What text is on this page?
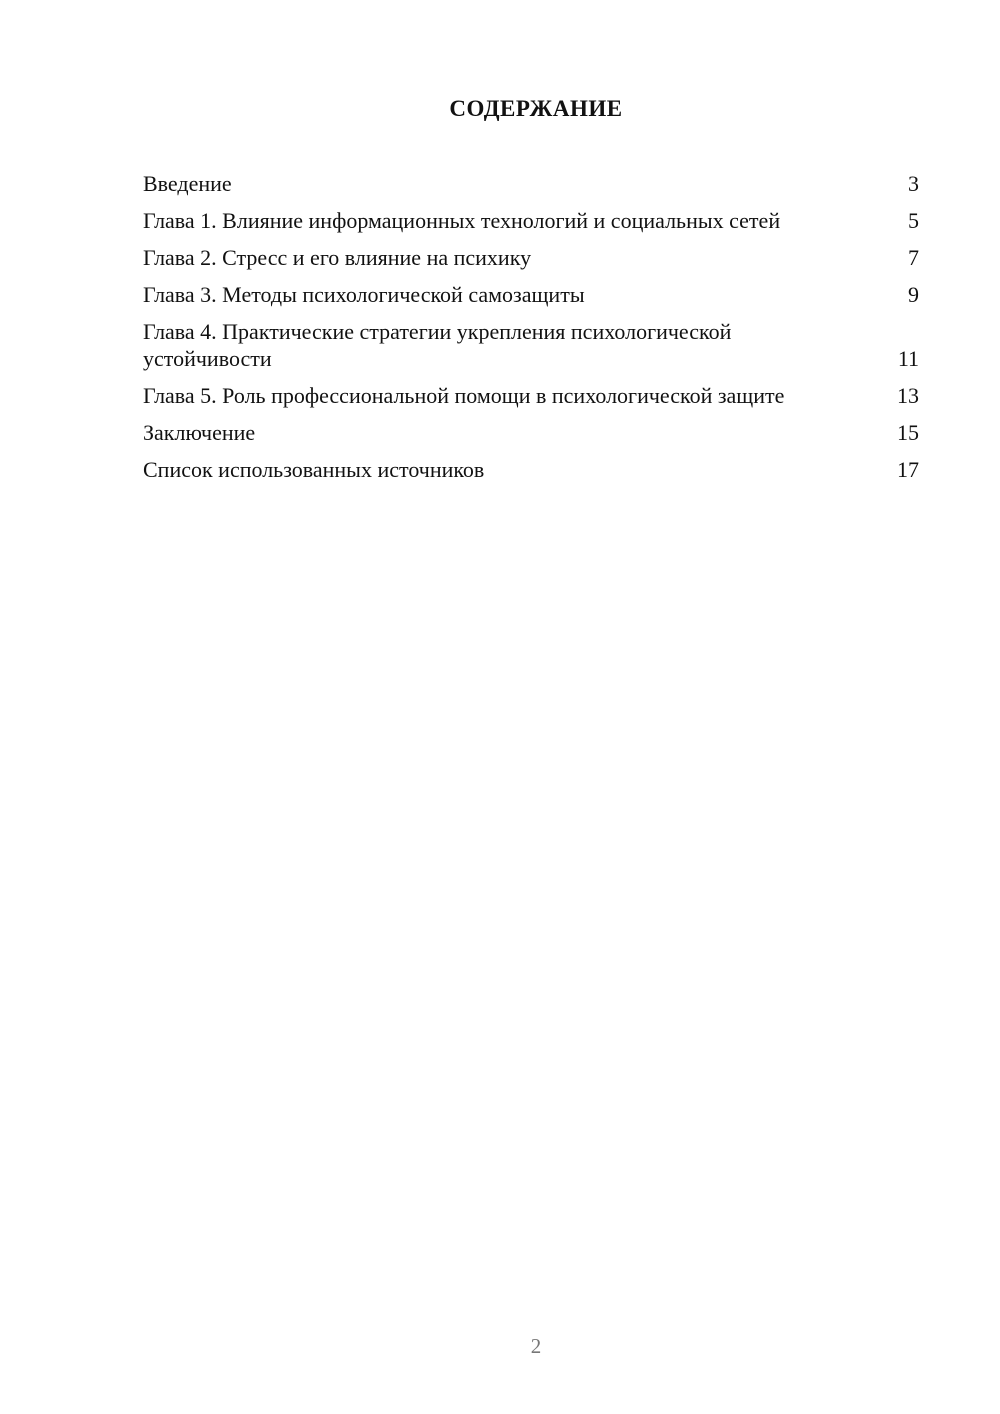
СОДЕРЖАНИЕ
Введение	3
Глава 1. Влияние информационных технологий и социальных сетей	5
Глава 2. Стресс и его влияние на психику	7
Глава 3. Методы психологической самозащиты	9
Глава 4. Практические стратегии укрепления психологической устойчивости	11
Глава 5. Роль профессиональной помощи в психологической защите	13
Заключение	15
Список использованных источников	17
2
